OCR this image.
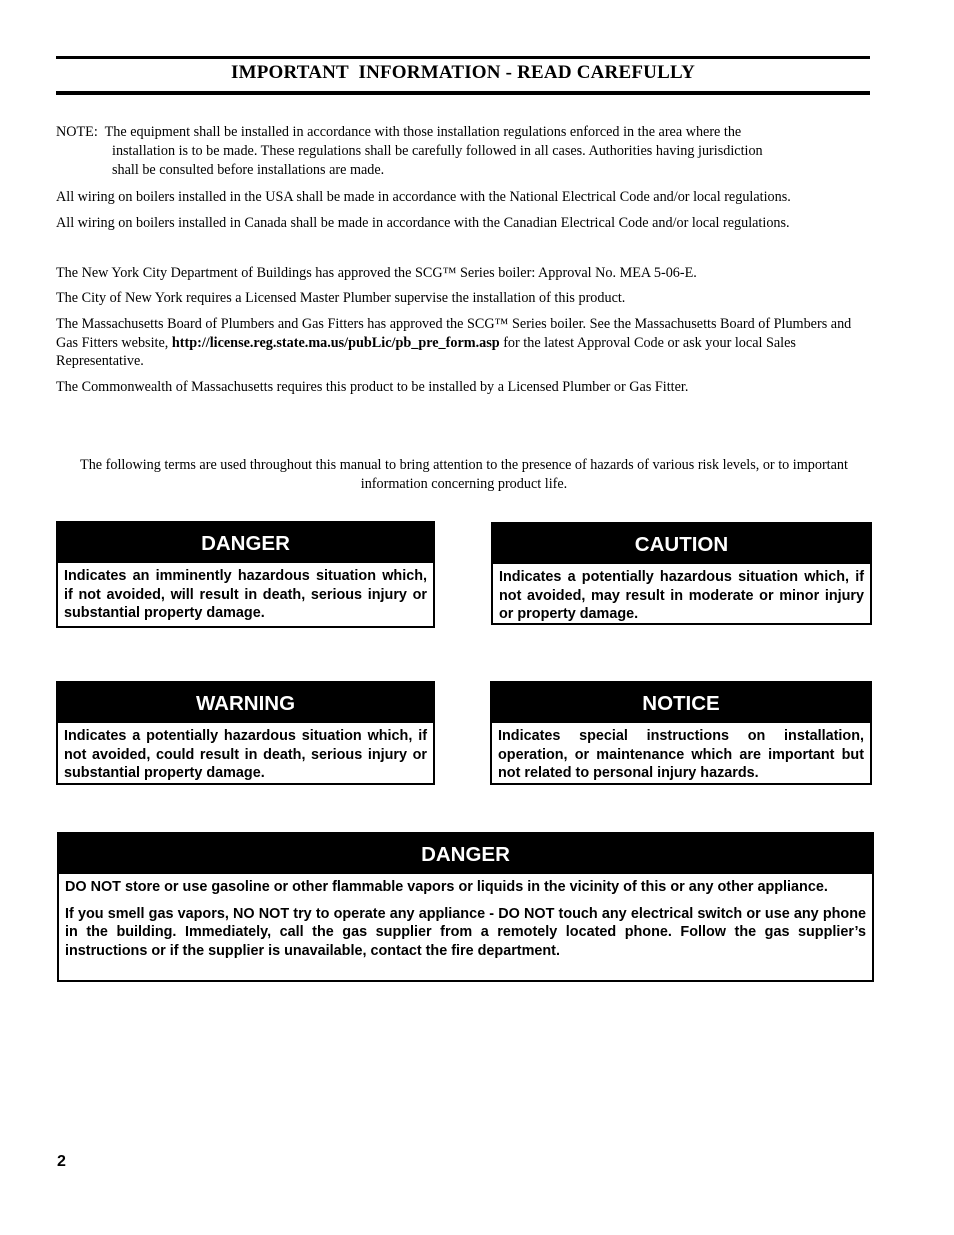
IMPORTANT  INFORMATION - READ CAREFULLY

NOTE:  The equipment shall be installed in accordance with those installation regulations enforced in the area where the

installation is to be made. These regulations shall be carefully followed in all cases. Authorities having jurisdiction

shall be consulted before installations are made.

All wiring on boilers installed in the USA shall be made in accordance with the National Electrical Code and/or local regulations.

All wiring on boilers installed in Canada shall be made in accordance with the Canadian Electrical Code and/or local regulations.

The New York City Department of Buildings has approved the SCG™ Series boiler: Approval No. MEA 5-06-E.

The City of New York requires a Licensed Master Plumber supervise the installation of this product.

The Massachusetts Board of Plumbers and Gas Fitters has approved the SCG™ Series boiler. See the Massachusetts Board of Plumbers and Gas Fitters website, http://license.reg.state.ma.us/pubLic/pb_pre_form.asp for the latest Approval Code or ask your local Sales Representative.

The Commonwealth of Massachusetts requires this product to be installed by a Licensed Plumber or Gas Fitter.

The following terms are used throughout this manual to bring attention to the presence of hazards of various risk levels, or to important information concerning product life.

DANGER
Indicates an imminently hazardous situation which, if not avoided, will result in death, serious injury or substantial property damage.
CAUTION
Indicates a potentially hazardous situation which, if not avoided, may result in moderate or minor injury or property damage.
WARNING
Indicates a potentially hazardous situation which, if not avoided, could result in death, serious injury or substantial property damage.
NOTICE
Indicates special instructions on installation, operation, or maintenance which are important but not related to personal injury hazards.
DANGER

DO NOT store or use gasoline or other flammable vapors or liquids in the vicinity of this or any other appliance.

If you smell gas vapors, NO NOT try to operate any appliance - DO NOT touch any electrical switch or use any phone in the building. Immediately, call the gas supplier from a remotely located phone. Follow the gas supplier’s instructions or if the supplier is unavailable, contact the fire department.

2
